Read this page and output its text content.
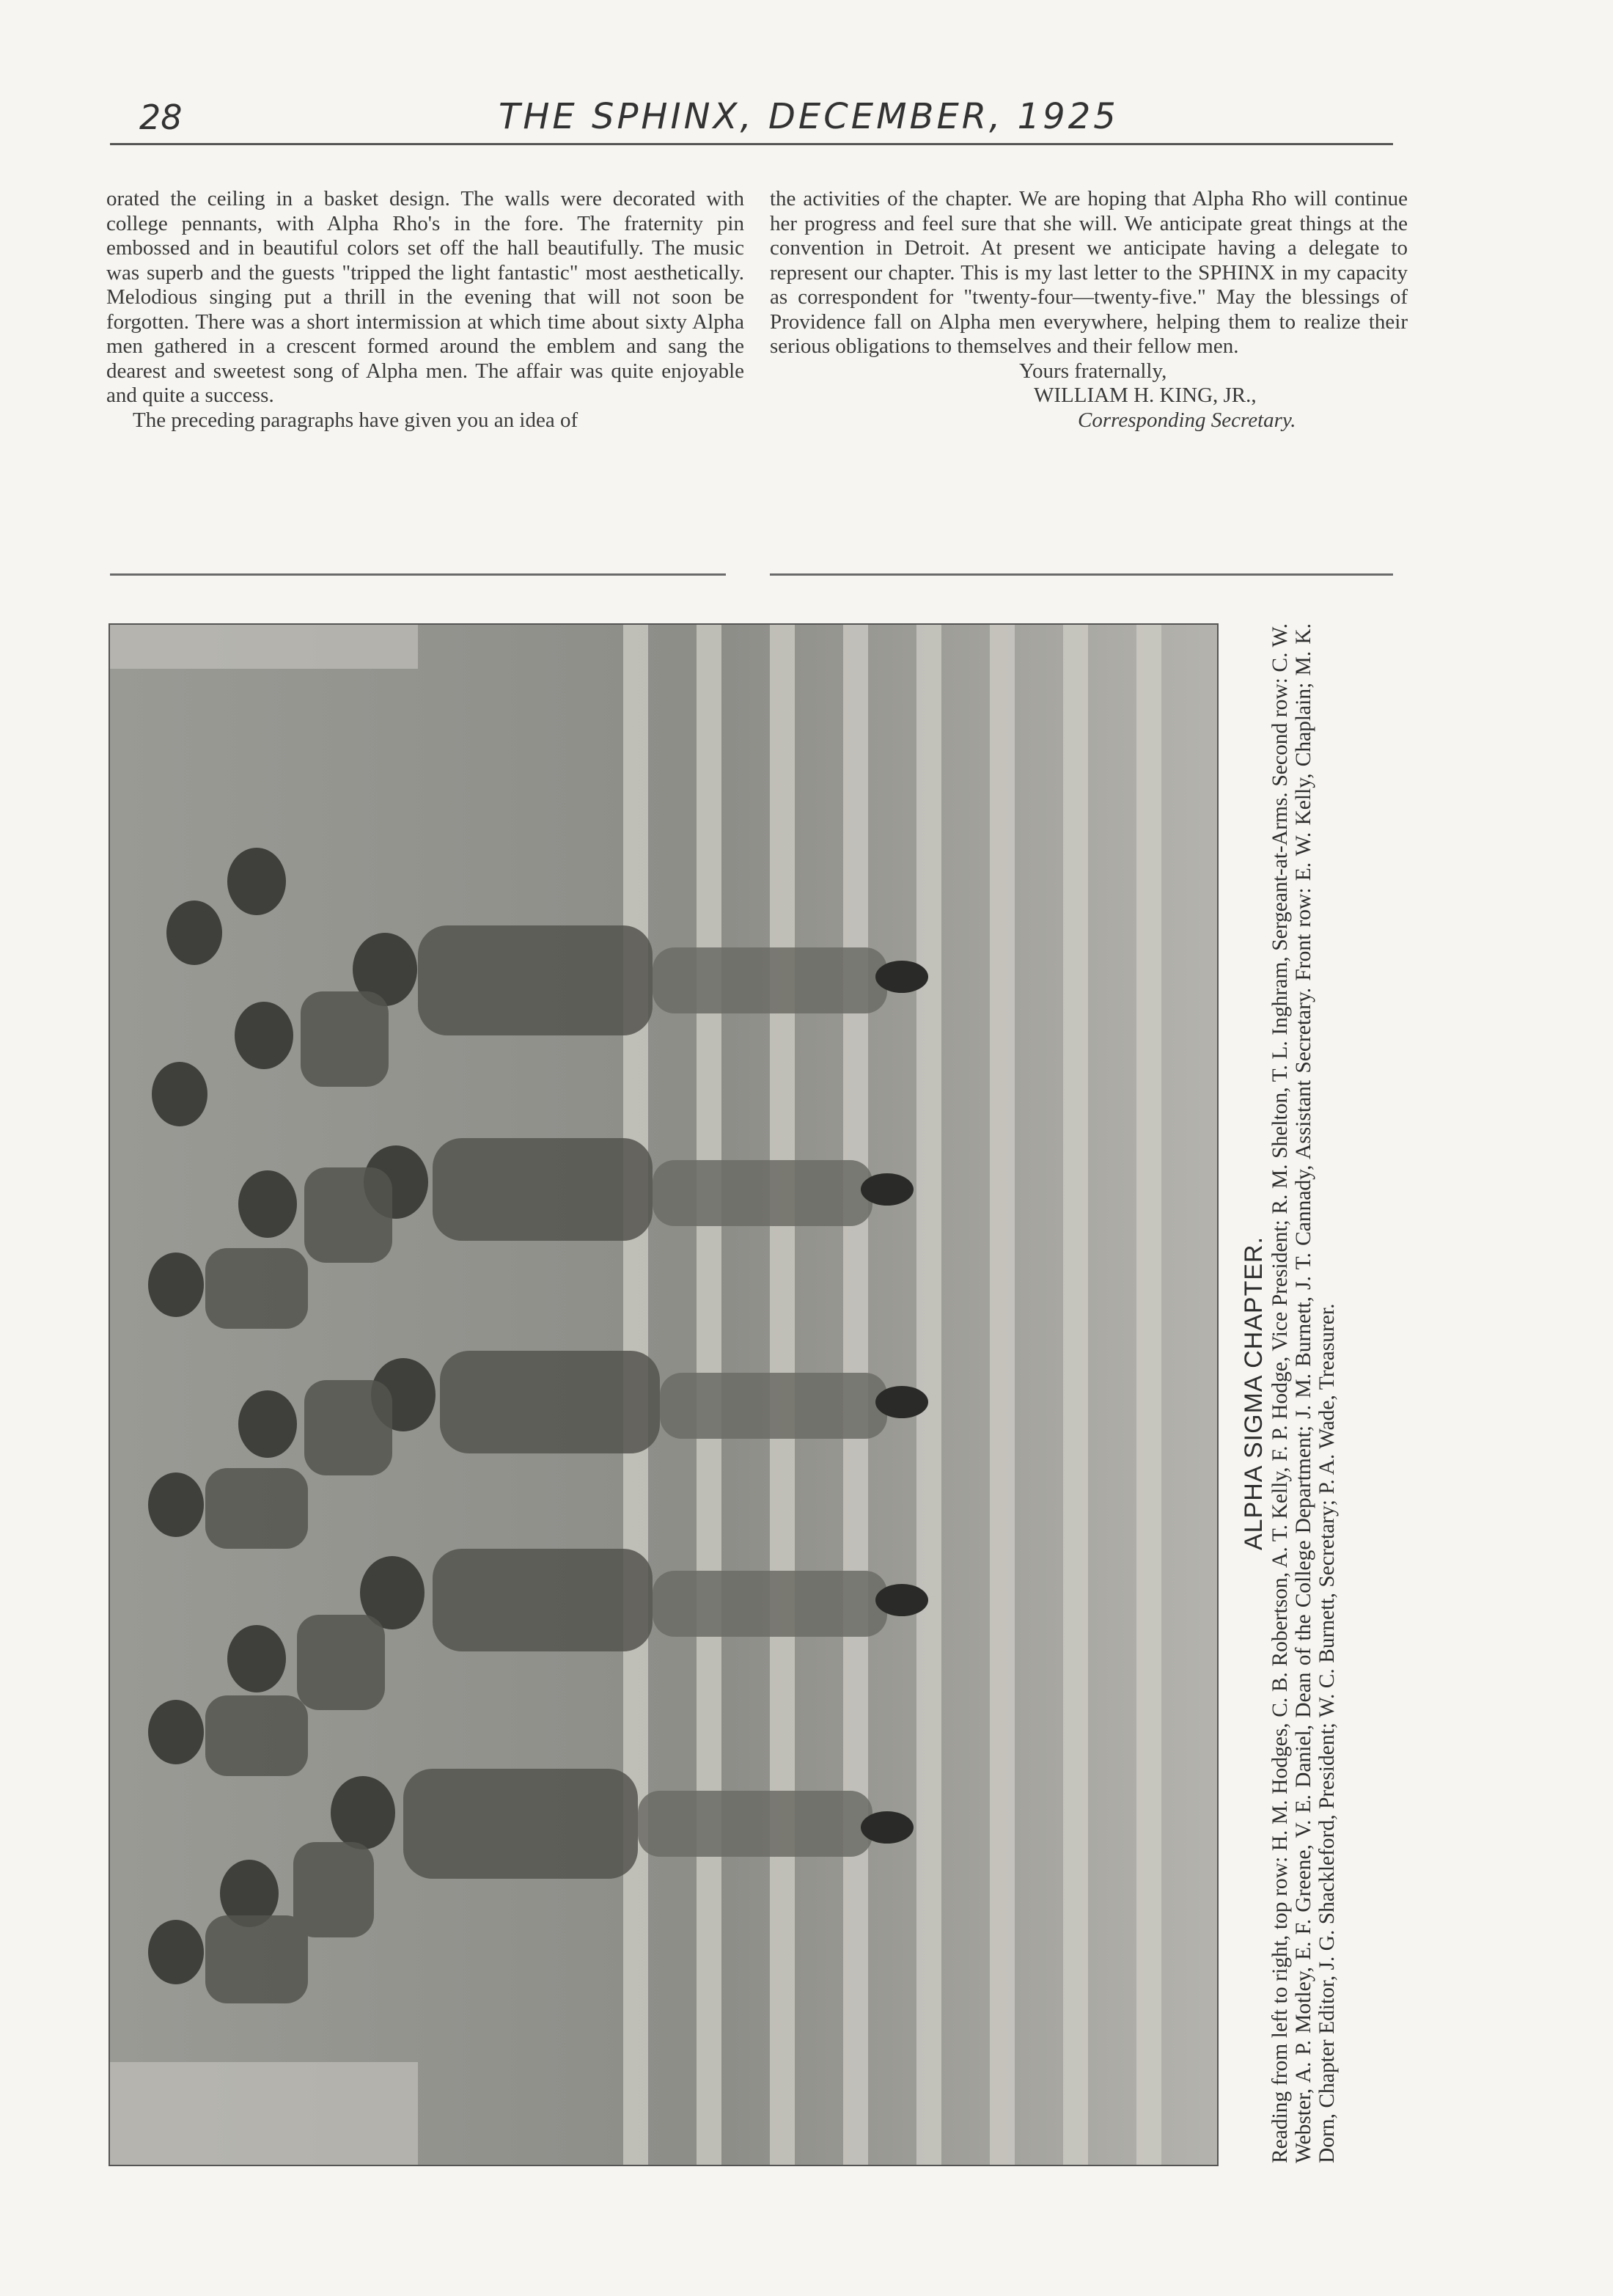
28	THE SPHINX, DECEMBER, 1925

orated the ceiling in a basket design. The walls were decorated with college pennants, with Alpha Rho's in the fore. The fraternity pin embossed and in beautiful colors set off the hall beautifully. The music was superb and the guests "tripped the light fantastic" most aesthetically. Melodious singing put a thrill in the evening that will not soon be forgotten. There was a short intermission at which time about sixty Alpha men gathered in a crescent formed around the emblem and sang the dearest and sweetest song of Alpha men. The affair was quite enjoyable and quite a success.

The preceding paragraphs have given you an idea of

the activities of the chapter. We are hoping that Alpha Rho will continue her progress and feel sure that she will. We anticipate great things at the convention in Detroit. At present we anticipate having a delegate to represent our chapter. This is my last letter to the SPHINX in my capacity as correspondent for "twenty-four—twenty-five." May the blessings of Providence fall on Alpha men everywhere, helping them to realize their serious obligations to themselves and their fellow men.

Yours fraternally,
WILLIAM H. KING, JR.,
Corresponding Secretary.
ALPHA SIGMA CHAPTER. Reading from left to right, top row: H. M. Hodges, C. B. Robertson, A. T. Kelly, F. P. Hodge, Vice President; R. M. Shelton, T. L. Inghram, Sergeant-at-Arms. Second row: C. W. Webster, A. P. Motley, E. F. Greene, V. E. Daniel, Dean of the College Department; J. M. Burnett, J. T. Cannady, Assistant Secretary. Front row: E. W. Kelly, Chaplain; M. K. Dorn, Chapter Editor, J. G. Shackleford, President; W. C. Burnett, Secretary; P. A. Wade, Treasurer.
